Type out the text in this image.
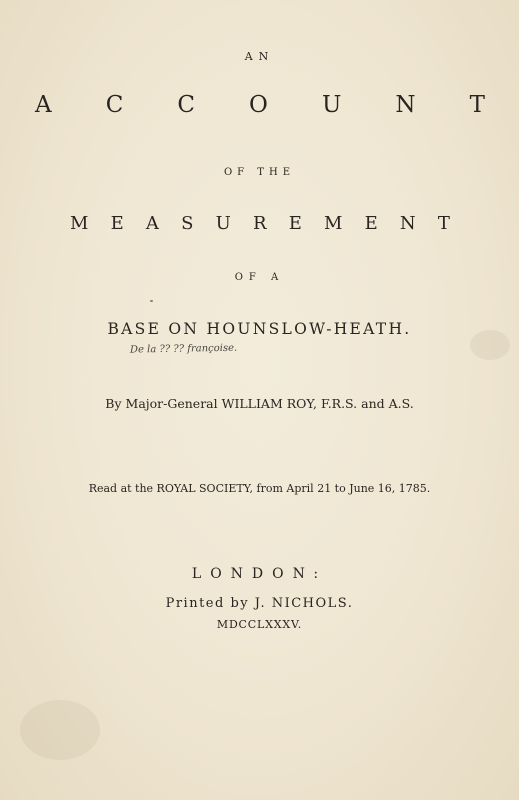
AN
A C C O U N T
OF THE
M E A S U R E M E N T
OF A
BASE ON HOUNSLOW-HEATH.
De la ?? ?? françoise.
By Major-General WILLIAM ROY, F.R.S. and A.S.
Read at the ROYAL SOCIETY, from April 21 to June 16, 1785.
LONDON:
Printed by J. NICHOLS.
MDCCLXXXV.
